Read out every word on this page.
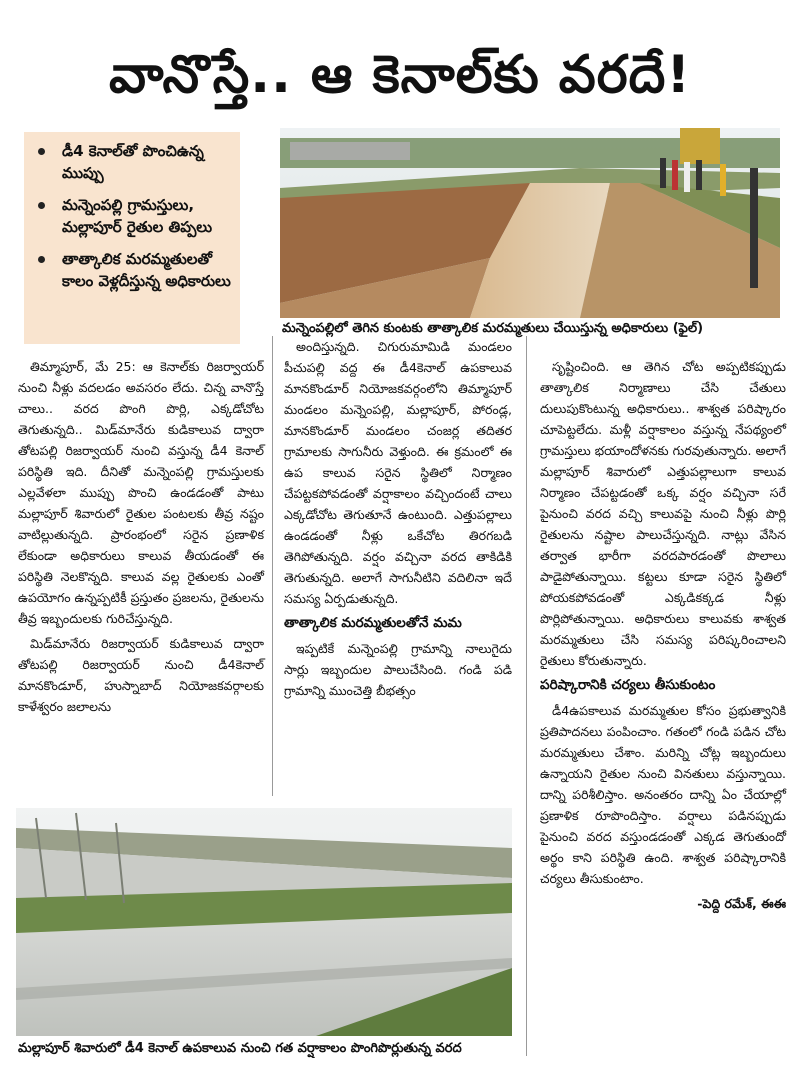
వానొస్తే.. ఆ కెనాల్‌కు వరదే!
డీ4 కెనాల్‌తో పొంచిఉన్న ముప్పు
మన్నెంపల్లి గ్రామస్తులు, మల్లాపూర్ రైతుల తిప్పలు
తాత్కాలిక మరమ్మతులతో కాలం వెళ్లదీస్తున్న అధికారులు
మన్నెంపల్లిలో తెగిన కుంటకు తాత్కాలిక మరమ్మతులు చేయిస్తున్న అధికారులు (ఫైల్)

తిమ్మాపూర్, మే 25: ఆ కెనాల్‌కు రిజర్వాయర్ నుంచి నీళ్లు వదలడం అవసరం లేదు. చిన్న వానొస్తే చాలు.. వరద పొంగి పొర్లి, ఎక్కడోచోట తెగుతున్నది.. మిడ్‌మానేరు కుడికాలువ ద్వారా తోటపల్లి రిజర్వాయర్ నుంచి వస్తున్న డీ4 కెనాల్ పరిస్థితి ఇది. దీనితో మన్నెంపల్లి గ్రామస్తులకు ఎల్లవేళలా ముప్పు పొంచి ఉండడంతో పాటు మల్లాపూర్ శివారులో రైతుల పంటలకు తీవ్ర నష్టం వాటిల్లుతున్నది. ప్రారంభంలో సరైన ప్రణాళిక లేకుండా అధికారులు కాలువ తీయడంతో ఈ పరిస్థితి నెలకొన్నది. కాలువ వల్ల రైతులకు ఎంతో ఉపయోగం ఉన్నప్పటికీ ప్రస్తుతం ప్రజలను, రైతులను తీవ్ర ఇబ్బందులకు గురిచేస్తున్నది.

మిడ్‌మానేరు రిజర్వాయర్ కుడికాలువ ద్వారా తోటపల్లి రిజర్వాయర్ నుంచి డీ4కెనాల్ మానకొండూర్, హుస్నాబాద్ నియోజకవర్గాలకు కాళేశ్వరం జలాలను

అందిస్తున్నది. చిగురుమామిడి మండలం పీచుపల్లి వద్ద ఈ డీ4కెనాల్ ఉపకాలువ మానకొండూర్ నియోజకవర్గంలోని తిమ్మాపూర్ మండలం మన్నెంపల్లి, మల్లాపూర్, పోరండ్ల, మానకొండూర్ మండలం చంజర్ల తదితర గ్రామాలకు సాగునీరు వెళ్తుంది. ఈ క్రమంలో ఈ ఉప కాలువ సరైన స్థితిలో నిర్మాణం చేపట్టకపోవడంతో వర్షాకాలం వచ్చిందంటే చాలు ఎక్కడోచోట తెగుతూనే ఉంటుంది. ఎత్తుపల్లాలు ఉండడంతో నీళ్లు ఒకేచోట తిరగబడి తెగిపోతున్నది. వర్షం వచ్చినా వరద తాకిడికి తెగుతున్నది. అలాగే సాగునీటిని వదిలినా ఇదే సమస్య ఏర్పడుతున్నది.

తాత్కాలిక మరమ్మతులతోనే మమ

ఇప్పటికే మన్నెంపల్లి గ్రామాన్ని నాలుగైదు సార్లు ఇబ్బందుల పాలుచేసింది. గండి పడి గ్రామాన్ని ముంచెత్తి బీభత్సం

సృష్టించింది. ఆ తెగిన చోట అప్పటికప్పుడు తాత్కాలిక నిర్మాణాలు చేసి చేతులు దులుపుకొంటున్న అధికారులు.. శాశ్వత పరిష్కారం చూపెట్టలేదు. మళ్లీ వర్షాకాలం వస్తున్న నేపథ్యంలో గ్రామస్తులు భయాందోళనకు గురవుతున్నారు. అలాగే మల్లాపూర్ శివారులో ఎత్తుపల్లాలుగా కాలువ నిర్మాణం చేపట్టడంతో ఒక్క వర్షం వచ్చినా సరే పైనుంచి వరద వచ్చి కాలువపై నుంచి నీళ్లు పొర్లి రైతులను నష్టాల పాలుచేస్తున్నది. నాట్లు వేసిన తర్వాత భారీగా వరదపారడంతో పొలాలు పాడైపోతున్నాయి. కట్టలు కూడా సరైన స్థితిలో పోయకపోవడంతో ఎక్కడికక్కడ నీళ్లు పొర్లిపోతున్నాయి. అధికారులు కాలువకు శాశ్వత మరమ్మతులు చేసి సమస్య పరిష్కరించాలని రైతులు కోరుతున్నారు.

పరిష్కారానికి చర్యలు తీసుకుంటం

డీ4ఉపకాలువ మరమ్మతుల కోసం ప్రభుత్వానికి ప్రతిపాదనలు పంపించాం. గతంలో గండి పడిన చోట మరమ్మతులు చేశాం. మరిన్ని చోట్ల ఇబ్బందులు ఉన్నాయని రైతుల నుంచి వినతులు వస్తున్నాయి. దాన్ని పరిశీలిస్తాం. అనంతరం దాన్ని ఏం చేయాల్లో ప్రణాళిక రూపొందిస్తాం. వర్షాలు పడినప్పుడు పైనుంచి వరద వస్తుండడంతో ఎక్కడ తెగుతుందో అర్థం కాని పరిస్థితి ఉంది. శాశ్వత పరిష్కారానికి చర్యలు తీసుకుంటాం.

-పెద్ది రమేశ్, ఈఈ
మల్లాపూర్ శివారులో డీ4 కెనాల్ ఉపకాలువ నుంచి గత వర్షాకాలం పొంగిపొర్లుతున్న వరద
